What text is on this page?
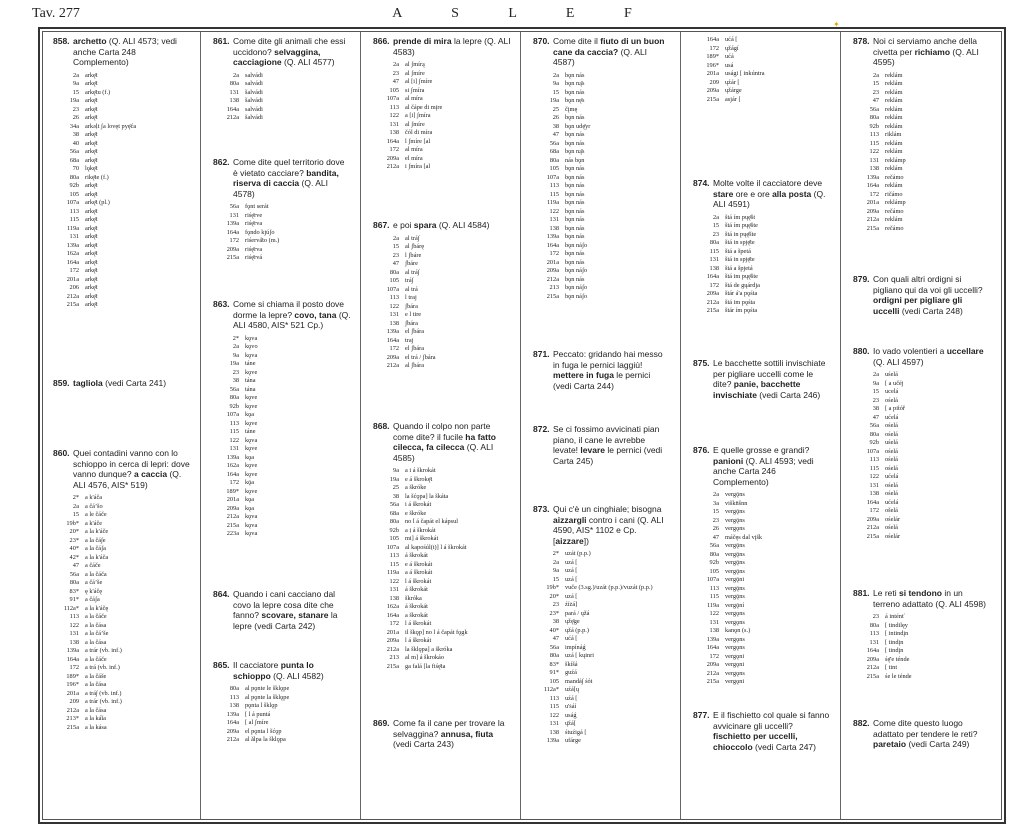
Tav. 277	A S L E F
✦
858. archetto (Q. ALI 4573; vedi anche Carta 248 Complemento)
2a arkę̄t
9a arkę̄t
15 arkę̄tu (f.)
19a arkę̄t
23 arkę̄t
26 arkę̄t
34a arkəḷt ʃa lovęt pyę̄ća
38 arkę̄t
40 arkę̄t
56a arkę̄t
68a arkę̄t
70 lǫkę̄t
80a rikę̄te (f.)
92b arkę̄t
105 arkę̄t
107a arkę̄t (pl.)
113 arkę̄t
115 arkę̄t
119a arkę̄t
131 arkę̄t
139a arkę̄t
162a arkę̄t
164a arkę̄t
172 arkę̄t
201a arkę̄t
206 arkę̄t
212a arkę̄t
215a arkę̄t
859. tagliola (vedi Carta 241)
860. Quei contadini vanno con lo schioppo in cerca di lepri: dove vanno dunque? a caccia (Q. ALI 4576, AIS* 519)
2* a k'áča
2a a čáʼšo
15 a le čáče
19b* a k'áče
20* a la k'áče
23* a la čá∫e
40* a la čáʃa
42* a la k'áča
47 a čáče
56a a la čáča
80a a čáʼše
83* ę k'áčę
91* a čáʃa
112a* a la k'áčę
113 a la čáče
122 a la čása
131 a la čáʼše
138 a la čása
139a a trár (vb. inf.)
164a a la čáče
172 a trá (vb. inf.)
189* a la čáše
196* a la čása
201a a trá∫ (vb. inf.)
209 a trár (vb. inf.)
212a a la čása
213* a la káǐa
215a a la kása
861. Come dite gli animali che essi uccidono? selvaggina, cacciagione (Q. ALI 4577)
2a salvádi
80a salvádi
131 šalvádi
138 šalvádi
164a salvádi
212a šalvádi
862. Come dite quel territorio dove è vietato cacciare? bandita, riserva di caccia (Q. ALI 4578)
56a fǫnt serát
131 riśę̄rve
139a riśę̄rva
164a fǫndo kjúʃo
172 riśervá̄to (m.)
209a riśę̄rva
215a riśę̄rvá
863. Come si chiama il posto dove dorme la lepre? covo, tana (Q. ALI 4580, AIS* 521 Cp.)
2* kǫva
2a kǫvo
9a kǫva
19a táne
23 kǫve
38 tána
56a tána
80a kǫve
92b kǫve
107a kǫa
113 kǫve
115 táne
122 kǫva
131 kǫve
139a kǫa
162a kǫve
164a kǫve
172 kǭa
189* kǫve
201a kǫa
209a kǫa
212a kǫva
215a kǫva
223a kǫva
864. Quando i cani cacciano dal covo la lepre cosa dite che fanno? scovare, stanare la lepre (vedi Carta 242)
865. Il cacciatore punta lo schioppo (Q. ALI 4582)
80a al pǫnte le šklǫpe
113 al pǫnte la šklǫpe
138 pǫnta l šklǫp
139a [ l á puntá
164a [ al ʃmíre
209a el pǫnta l šćǫp
212a al ǎlpa la šklǫpa
866. prende di mira la lepre (Q. ALI 4583)
2a al ʃmírą
23 al ʃmíre
47 al [i] ʃmíre
105 si ʃmíra
107a al míra
113 al čápe di mįre
122 a [i] ʃmíra
131 al ʃmíre
138 čól di míra
164a l ʃmíre [al
172 al míra
209a el míra
212a i ʃmíra [al
867. e poi spara (Q. ALI 4584)
2a al trá∫
15 al ʃbárę
23 l ʃbáre
47 ʃbáre
80a al trá∫
105 trá∫
107a al trá
113 l traj
122 ʃbára
131 e l tire
138 ʃbára
139a el ʃbára
164a traj
172 el ʃbára
209a el trá / ʃbára
212a al ʃbára
868. Quando il colpo non parte come dite? il fucile ha fatto cilecca, fa cilecca (Q. ALI 4585)
9a a i á škrokát
19a e á škrokę̄t
25 a škróke
38 la šćǫpa] la škáta
56a i á škrokát
68a e škróke
80a no l á čapát el kápsul
92b a ị á škrokát
105 mi] á škrokát
107a al kapośúl(t)] l á škrokát
113 á škrokát
115 e á škrokát
119a a á škrokát
122 l á škrokát
131 á škrokát
138 škróka
162a á škrokát
164a a škrokát
172 l á škrokát
201a il škǫp] no l á čapát fǫgk
209a l á škrokát
212a la šklǫpa] a škróka
213 al m] á škrokáo
215a ga falá [la fiśę̄ta
869. Come fa il cane per trovare la selvaggina? annusa, fiuta (vedi Carta 243)
870. Come dite il fiuto di un buon cane da caccia? (Q. ALI 4587)
2a bǫn nás
9a bǫn ną̄s
15 bǫn nás
19a bǫn nę̄s
25 čįmę
26 bǫn nás
38 bǫn udę̄yr
47 bǫn nás
56a bǫn nás
68a bǫn ną̄s
80a nás bǫn
105 bǫn nás
107a bǫn nás
113 bǫn nás
115 bǫn nás
119a bǫn nás
122 bǫn nás
131 bǫn nás
138 bǫn nás
139a bǫn nás
164a bǫn náʃo
172 bǫn nás
201a bǫn nás
209a bǫn náʃo
212a bǫn nás
213 bǫn náʃo
215a bǫn náʃo
871. Peccato: gridando hai messo in fuga le pernici laggiù! mettere in fuga le pernici (vedi Carta 244)
872. Se ci fossimo avvicinati pian piano, il cane le avrebbe levate! levare le pernici (vedi Carta 245)
873. Qui c'è un cinghiale; bisogna aizzargli contro i cani (Q. ALI 4590, AIS* 1102 e Cp. [aizzare])
2* uzát (p.p.)
2a uzá [
9a uzá [
15 uzá [
19b* vuče (3.sg.)/uzát (p.p.)/vuzát (p.p.)
20* uzá [
23 źíżá]
23* pará / ųžá
38 ųžę̄ge
40* ųžá (p.p.)
47 ućá [
56a impínáǵ
80a uzá [ kųinri
83* škíšá
91* guźá
105 mandá∫ śót
112a* uźá[ų
113 uźá [
115 u'ṡáí
122 usáǵ
131 ų̄źá[
138 śtuźigá [
139a ufárge
164a ućá [
172 ųžágí
189* ućá
196* usá
201a usági [ inkúntra
209 ųźár [
209a ųžárge
215a asjár [
874. Molte volte il cacciatore deve stare ore e ore alla posta (Q. ALI 4591)
2a štá ím pųę̄št
15 štá ím pųę̄šte
23 štá in pųę̄šte
80a štá in spję̄te
115 štá a špetá
131 štá in spję̄te
138 štá a špjetá
164a štá im pųę̄šte
172 štá de gųárdja
209a štár á'a pǫśta
212a štá im pǫśta
215a štár ím pǫśta
875. Le bacchette sottili invischiate per pigliare uccelli come le dite? panie, bacchette invischiate (vedi Carta 246)
876. E quelle grosse e grandi? panioni (Q. ALI 4593; vedi anche Carta 246 Complemento)
2a vergǭns
3a viškn̄šnn
15 vergǭns
23 vergǭns
26 vergǫns
47 máčęs dal vįšk
56a vergǭns
80a vergǭns
92b vergǭns
105 vergǭns
107a vergǭni
113 vergǭns
115 vergǭns
119a vergǭní
122 vergǫns
131 vergǫns
138 kanǫn (s.)
139a vergǫns
164a vergǫns
172 vergǫni
209a vergǫni
212a vergǫns
215a vergǫni
877. E il fischietto col quale si fanno avvicinare gli uccelli? fischietto per uccelli, chioccolo (vedi Carta 247)
878. Noi ci serviamo anche della civetta per richiamo (Q. ALI 4595)
2a reklám
15 reklám
23 reklám
47 reklám
56a reklám
80a reklám
92b reklám
113 riklám
115 reklám
122 reklám
131 reklámp
138 reklám
139a rečámo
164a reklám
172 ričámo
201a reklámp
209a rečámo
212a reklám
215a rečámo
879. Con quali altri ordigni si pigliano qui da voi gli uccelli? ordigni per pigliare gli uccelli (vedi Carta 248)
880. Io vado volentieri a uccellare (Q. ALI 4597)
2a uśelá
9a [ a učéj
15 ucelá
23 ośelá
38 [ a piṫóř
47 ućelá
56a ośelá
80a ośelá
92b uśelá
107a ośelá
113 ośelá
115 ośelá
122 ućelá
131 ośelá
138 ośelá
164a ućelá
172 ošelá
209a ośelár
212a ośelá
215a ośelár
881. Le reti si tendono in un terreno adattato (Q. ALI 4598)
23 á inténť
80a [ tindilęy
113 [ intindįn
131 [ tindįn
164a [ tindįn
209a śę̄'e ténde
212a [ tint
215a śe le ténde
882. Come dite questo luogo adattato per tendere le reti? paretaio (vedi Carta 249)
